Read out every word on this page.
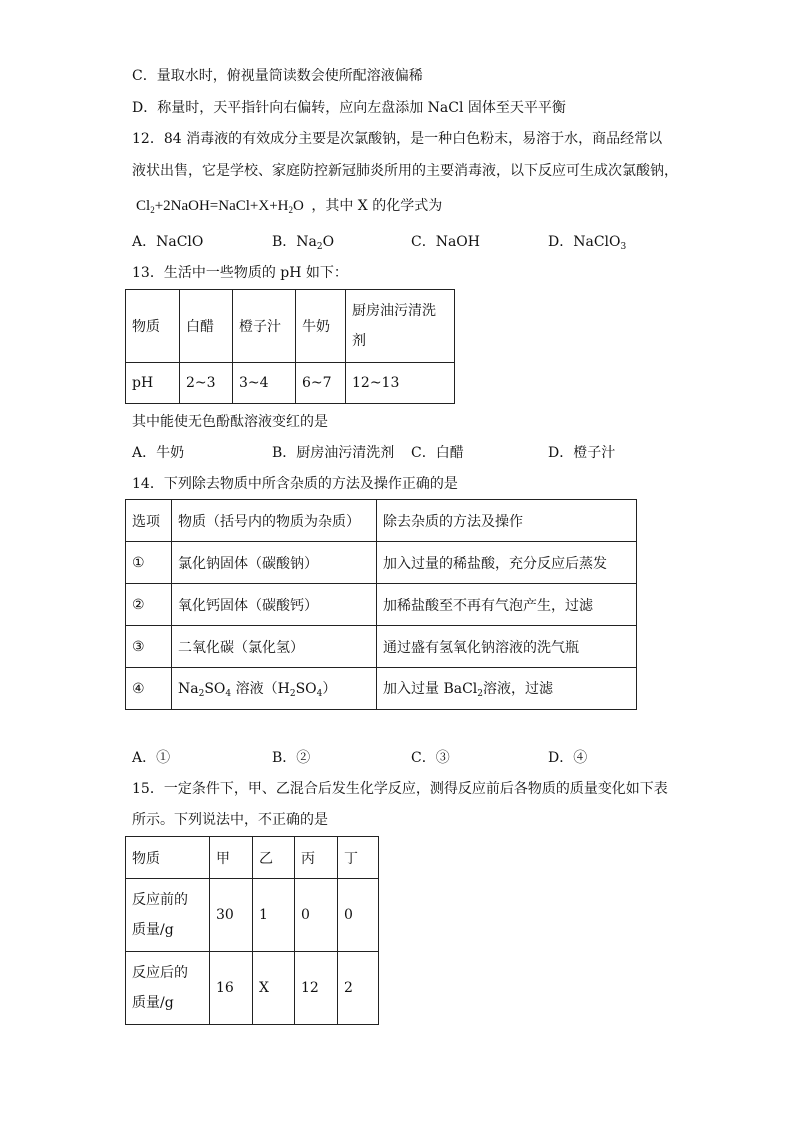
C．量取水时，俯视量筒读数会使所配溶液偏稀
D．称量时，天平指针向右偏转，应向左盘添加 NaCl 固体至天平平衡
12．84 消毒液的有效成分主要是次氯酸钠，是一种白色粉末，易溶于水，商品经常以
液状出售，它是学校、家庭防控新冠肺炎所用的主要消毒液，以下反应可生成次氯酸钠，
$Cl_2+2NaOH=NaCl+X+H_2O$  ，其中 X 的化学式为
A．NaClO	B．$Na_2O$	C．NaOH	D．NaClO$_3$
13．生活中一些物质的 pH 如下：
物质	白醋	橙子汁	牛奶	厨房油污清洗
剂
pH	2~3	3~4	6~7	12~13
其中能使无色酚酞溶液变红的是
A．牛奶	B．厨房油污清洗剂 C．白醋	D．橙子汁
14．下列除去物质中所含杂质的方法及操作正确的是
选项	物质（括号内的物质为杂质）	除去杂质的方法及操作
①	氯化钠固体（碳酸钠）	加入过量的稀盐酸，充分反应后蒸发
②	氧化钙固体（碳酸钙）	加稀盐酸至不再有气泡产生，过滤
③	二氧化碳（氯化氢）	通过盛有氢氧化钠溶液的洗气瓶
④	$Na_2SO_4$ 溶液$(H_2SO_4)$	加入过量 BaCl$_2$溶液，过滤
A．①	B．②	C．③	D．④
15．一定条件下，甲、乙混合后发生化学反应，测得反应前后各物质的质量变化如下表
所示。下列说法中，不正确的是
物质	甲	乙	丙	丁
反应前的
质量/g	30	1	0	0
反应后的
质量/g	16	X	12	2
